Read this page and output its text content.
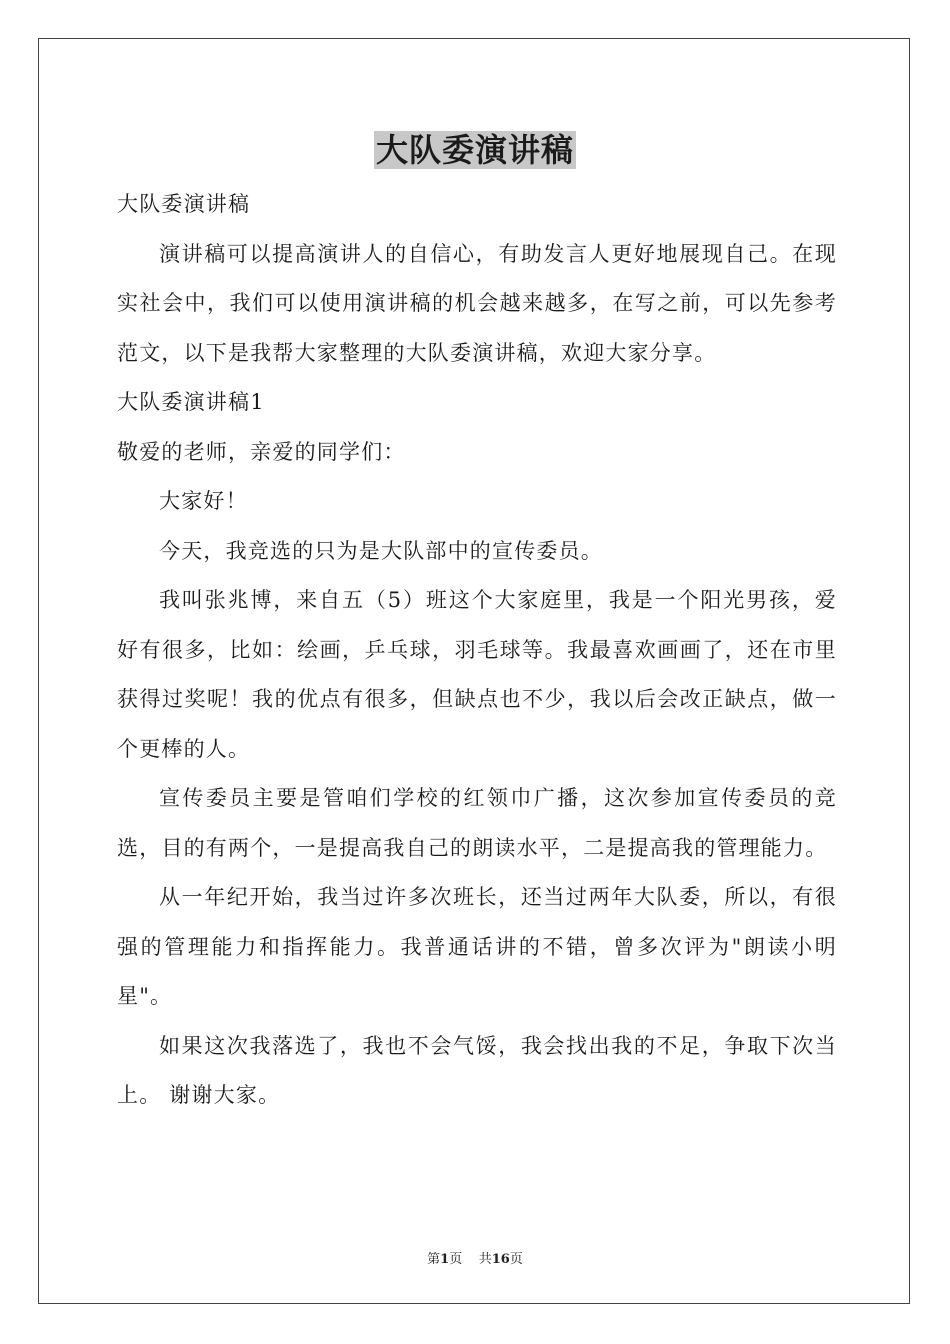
大队委演讲稿

大队委演讲稿

演讲稿可以提高演讲人的自信心，有助发言人更好地展现自己。在现实社会中，我们可以使用演讲稿的机会越来越多，在写之前，可以先参考范文，以下是我帮大家整理的大队委演讲稿，欢迎大家分享。

大队委演讲稿1

敬爱的老师，亲爱的同学们：

大家好！

今天，我竞选的只为是大队部中的宣传委员。

我叫张兆博，来自五（5）班这个大家庭里，我是一个阳光男孩，爱好有很多，比如：绘画，乒乓球，羽毛球等。我最喜欢画画了，还在市里获得过奖呢！我的优点有很多，但缺点也不少，我以后会改正缺点，做一个更棒的人。

宣传委员主要是管咱们学校的红领巾广播，这次参加宣传委员的竞选，目的有两个，一是提高我自己的朗读水平，二是提高我的管理能力。

从一年纪开始，我当过许多次班长，还当过两年大队委，所以，有很强的管理能力和指挥能力。我普通话讲的不错，曾多次评为"朗读小明星"。

如果这次我落选了，我也不会气馁，我会找出我的不足，争取下次当上。 谢谢大家。

第1页 共16页
